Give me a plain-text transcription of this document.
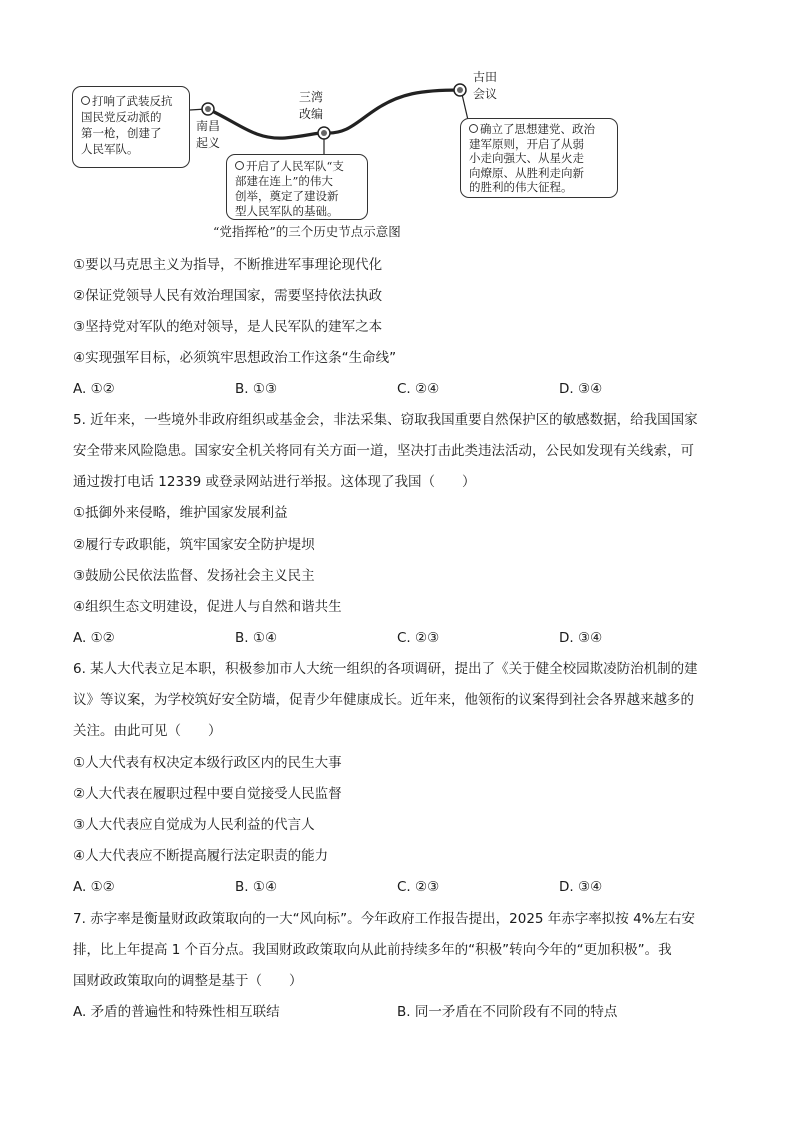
南昌
起义
三湾
改编
古田
会议
打响了武装反抗
国民党反动派的
第一枪，创建了
人民军队。
开启了人民军队“支
部建在连上”的伟大
创举，奠定了建设新
型人民军队的基础。
确立了思想建党、政治
建军原则，开启了从弱
小走向强大、从星火走
向燎原、从胜利走向新
的胜利的伟大征程。
“党指挥枪”的三个历史节点示意图
①要以马克思主义为指导，不断推进军事理论现代化
②保证党领导人民有效治理国家，需要坚持依法执政
③坚持党对军队的绝对领导，是人民军队的建军之本
④实现强军目标，必须筑牢思想政治工作这条“生命线”
A. ①②	B. ①③	C. ②④	D. ③④
5. 近年来，一些境外非政府组织或基金会，非法采集、窃取我国重要自然保护区的敏感数据，给我国国家
安全带来风险隐患。国家安全机关将同有关方面一道，坚决打击此类违法活动，公民如发现有关线索，可
通过拨打电话 12339 或登录网站进行举报。这体现了我国（　　）
①抵御外来侵略，维护国家发展利益
②履行专政职能，筑牢国家安全防护堤坝
③鼓励公民依法监督、发扬社会主义民主
④组织生态文明建设，促进人与自然和谐共生
A. ①②	B. ①④	C. ②③	D. ③④
6. 某人大代表立足本职，积极参加市人大统一组织的各项调研，提出了《关于健全校园欺凌防治机制的建
议》等议案，为学校筑好安全防墙，促青少年健康成长。近年来，他领衔的议案得到社会各界越来越多的
关注。由此可见（　　）
①人大代表有权决定本级行政区内的民生大事
②人大代表在履职过程中要自觉接受人民监督
③人大代表应自觉成为人民利益的代言人
④人大代表应不断提高履行法定职责的能力
A. ①②	B. ①④	C. ②③	D. ③④
7. 赤字率是衡量财政政策取向的一大“风向标”。今年政府工作报告提出，2025 年赤字率拟按 4%左右安
排，比上年提高 1 个百分点。我国财政政策取向从此前持续多年的“积极”转向今年的“更加积极”。我
国财政政策取向的调整是基于（　　）
A. 矛盾的普遍性和特殊性相互联结	B. 同一矛盾在不同阶段有不同的特点
